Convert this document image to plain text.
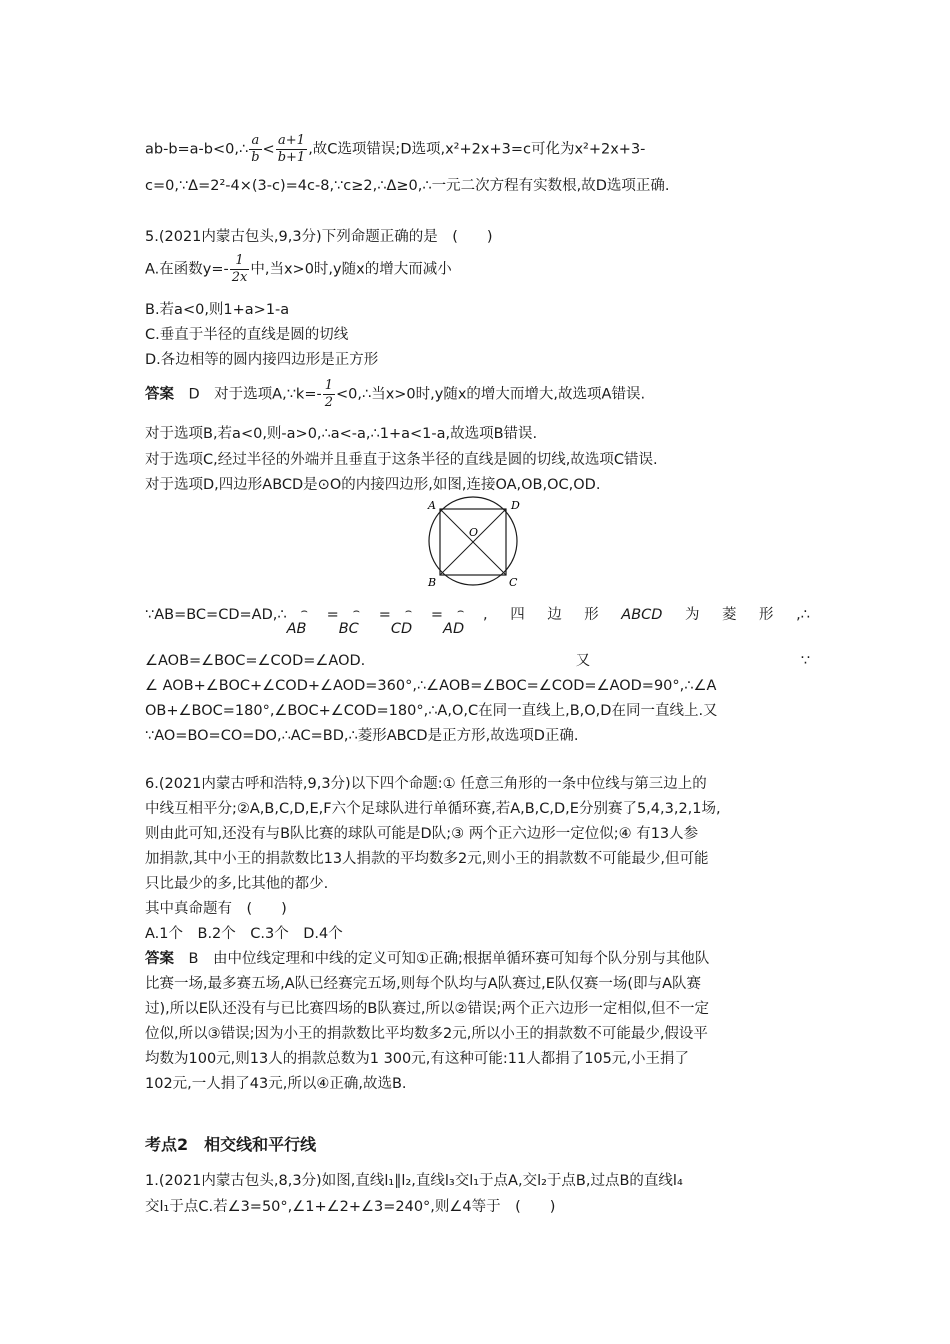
ab-b=a-b<0,∴ $\frac{a}{b} < \frac{a+1}{b+1}$ ,故C选项错误;D选项,x²+2x+3=c可化为x²+2x+3-
c=0,∵Δ=2²-4×(3-c)=4c-8,∵c≥2,∴Δ≥0,∴一元二次方程有实数根,故D选项正确.
5.(2021内蒙古包头,9,3分)下列命题正确的是　(　　)
A.在函数$y=- \frac{1}{2x}$ 中,当x>0时,y随x的增大而减小
B.若a<0,则1+a>1-a
C.垂直于半径的直线是圆的切线
D.各边相等的圆内接四边形是正方形
答案　D　对于选项A,∵k=- $\frac{1}{2}$ <0,∴当x>0时,y随x的增大而增大,故选项A错误.
对于选项B,若a<0,则-a>0,∴a<-a,∴1+a<1-a,故选项B错误.
对于选项C,经过半径的外端并且垂直于这条半径的直线是圆的切线,故选项C错误.
对于选项D,四边形ABCD是⊙O的内接四边形,如图,连接OA,OB,OC,OD.
A	D
B	C
O
∵AB=BC=CD=AD,∴ ⌢
AB
= ⌢
BC
= ⌢
CD
= ⌢
AD
, 四 边 形 ABCD 为 菱 形 ,∴
∠AOB=∠BOC=∠COD=∠AOD.	又	∵
∠ AOB+∠BOC+∠COD+∠AOD=360°,∴∠AOB=∠BOC=∠COD=∠AOD=90°,∴∠A
OB+∠BOC=180°,∠BOC+∠COD=180°,∴A,O,C在同一直线上,B,O,D在同一直线上.又
∵AO=BO=CO=DO,∴AC=BD,∴菱形ABCD是正方形,故选项D正确.
6.(2021内蒙古呼和浩特,9,3分)以下四个命题:① 任意三角形的一条中位线与第三边上的
中线互相平分;②A,B,C,D,E,F六个足球队进行单循环赛,若A,B,C,D,E分别赛了5,4,3,2,1场,
则由此可知,还没有与B队比赛的球队可能是D队;③ 两个正六边形一定位似;④ 有13人参
加捐款,其中小王的捐款数比13人捐款的平均数多2元,则小王的捐款数不可能最少,但可能
只比最少的多,比其他的都少.
其中真命题有　(　　)
A.1个　B.2个　C.3个　D.4个
答案　B　由中位线定理和中线的定义可知①正确;根据单循环赛可知每个队分别与其他队
比赛一场,最多赛五场,A队已经赛完五场,则每个队均与A队赛过,E队仅赛一场(即与A队赛
过),所以E队还没有与已比赛四场的B队赛过,所以②错误;两个正六边形一定相似,但不一定
位似,所以③错误;因为小王的捐款数比平均数多2元,所以小王的捐款数不可能最少,假设平
均数为100元,则13人的捐款总数为1 300元,有这种可能:11人都捐了105元,小王捐了
102元,一人捐了43元,所以④正确,故选B.
考点2　相交线和平行线
1.(2021内蒙古包头,8,3分)如图,直线l₁∥l₂,直线l₃交l₁于点A,交l₂于点B,过点B的直线l₄
交l₁于点C.若∠3=50°,∠1+∠2+∠3=240°,则∠4等于　(　　)
